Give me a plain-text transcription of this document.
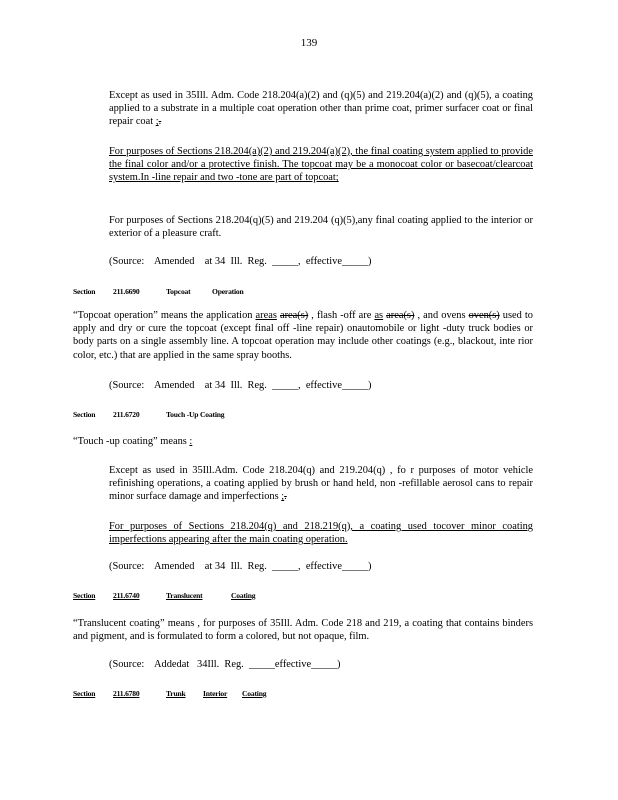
139
Except as used in 35Ill. Adm. Code 218.204(a)(2) and (q)(5) and 219.204(a)(2) and (q)(5), a coating applied to a substrate in a multiple coat operation other than prime coat, primer surfacer coat or final repair coat ;.
For purposes of Sections 218.204(a)(2) and 219.204(a)(2), the final coating system applied to provide the final color and/or a protective finish. The topcoat may be a monocoat color or basecoat/clearcoat system.In -line repair and two -tone are part of topcoat;
For purposes of Sections 218.204(q)(5) and 219.204 (q)(5),any final coating applied to the interior or exterior of a pleasure craft.
(Source:    Amended    at 34  Ill.  Reg.  _____,  effective_____)
Section 211.6690	Topcoat	Operation
“Topcoat operation” means the application areas area(s) , flash -off are as area(s) , and ovens oven(s) used to apply and dry or cure the topcoat (except final off -line repair) onautomobile or light -duty truck bodies or body parts on a single assembly line. A topcoat operation may include other coatings (e.g., blackout, inte rior color, etc.) that are applied in the same spray booths.
(Source:    Amended    at 34  Ill.  Reg.  _____,  effective_____)
Section 211.6720	Touch -Up Coating
“Touch -up coating” means :
Except as used in 35Ill.Adm. Code 218.204(q) and 219.204(q) , fo r purposes of motor vehicle refinishing operations, a coating applied by brush or hand held, non -refillable aerosol cans to repair minor surface damage and imperfections ;.
For purposes of Sections 218.204(q) and 218.219(q), a coating used tocover minor coating imperfections appearing after the main coating operation.
(Source:    Amended    at 34  Ill.  Reg.  _____,  effective_____)
Section 211.6740	Translucent	Coating
“Translucent coating” means , for purposes of 35Ill. Adm. Code 218 and 219, a coating that contains binders and pigment, and is formulated to form a colored, but not opaque, film.
(Source:    Addedat   34Ill.  Reg.  _____effective_____)
Section 211.6780	Trunk Interior Coating
